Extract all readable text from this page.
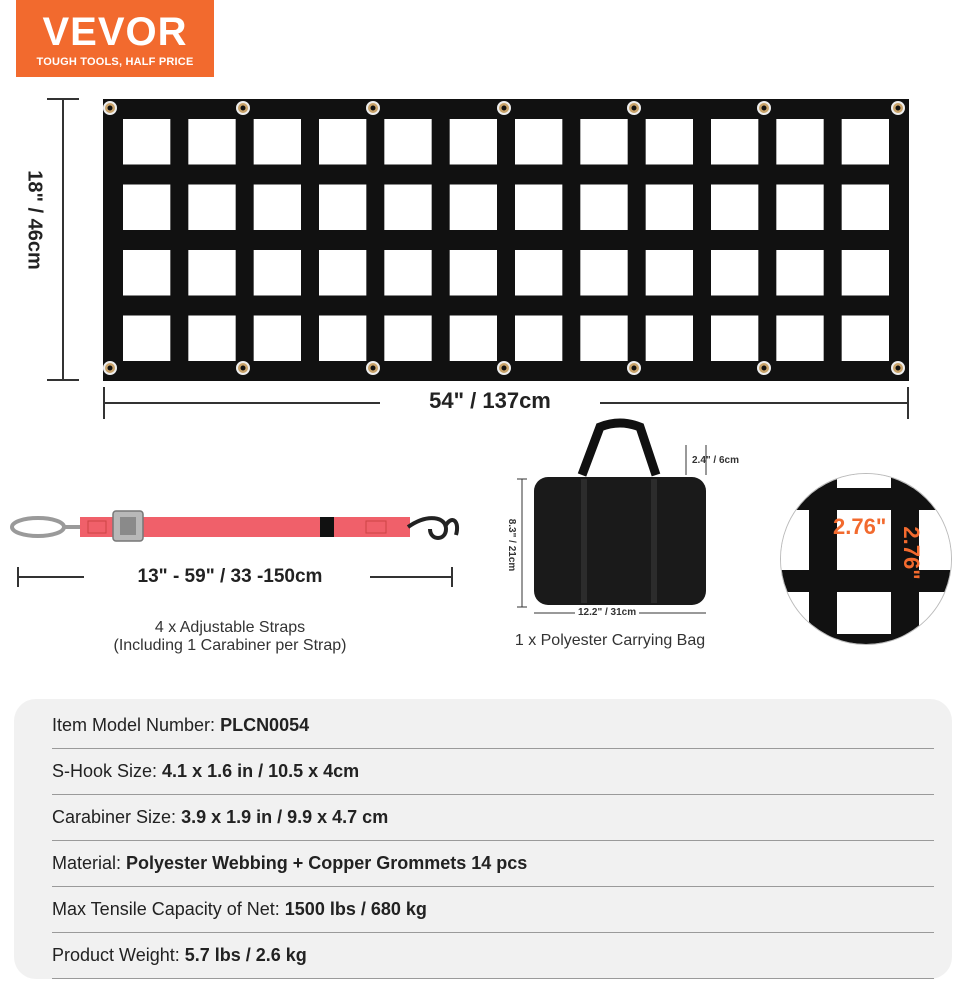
VEVOR
TOUGH TOOLS, HALF PRICE
18" / 46cm
54" / 137cm
13" - 59" / 33 -150cm
4 x Adjustable Straps
(Including 1 Carabiner per Strap)
2.4" / 6cm
8.3" / 21cm
12.2" / 31cm
1 x Polyester Carrying Bag
2.76" 2.76"
Item Model Number: PLCN0054
S-Hook Size: 4.1 x 1.6 in / 10.5 x 4cm
Carabiner Size: 3.9 x 1.9 in / 9.9 x 4.7 cm
Material: Polyester Webbing + Copper Grommets 14 pcs
Max Tensile Capacity of Net: 1500 lbs / 680 kg
Product Weight: 5.7 lbs / 2.6 kg
